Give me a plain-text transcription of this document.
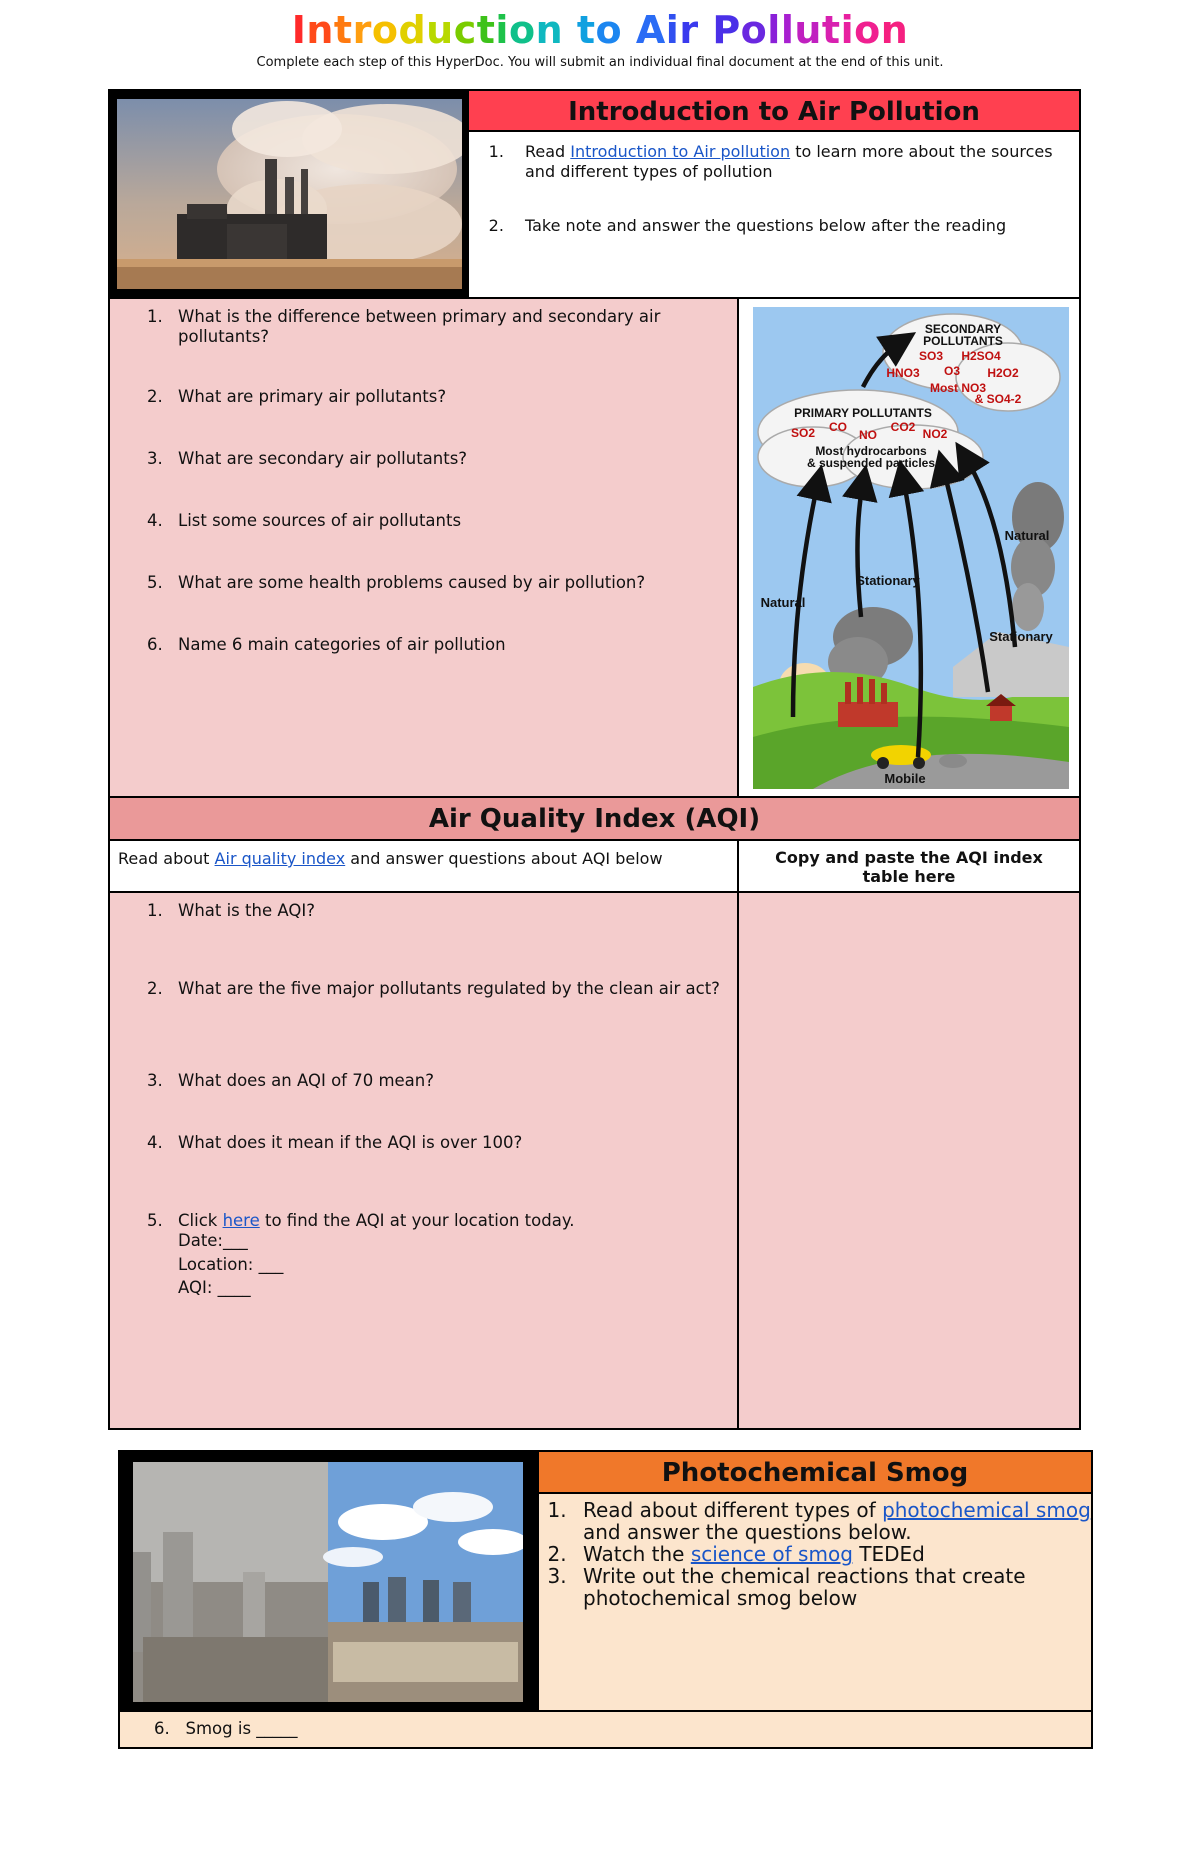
Introduction to Air Pollution
Complete each step of this HyperDoc. You will submit an individual final document at the end of this unit.
Introduction to Air Pollution
1. Read Introduction to Air pollution to learn more about the sources and different types of pollution
2. Take note and answer the questions below after the reading
1. What is the difference between primary and secondary air pollutants?
2. What are primary air pollutants?
3. What are secondary air pollutants?
4. List some sources of air pollutants
5. What are some health problems caused by air pollution?
6. Name 6 main categories of air pollution
SECONDARY
POLLUTANTS
SO3 H2SO4
HNO3 O3 H2O2
Most NO3
& SO4-2
PRIMARY POLLUTANTS
SO2 CO
NO
CO2 NO2
Most hydrocarbons
& suspended particles
Natural
Stationary
Natural
Stationary
Mobile
Air Quality Index (AQI)
Read about Air quality index and answer questions about AQI below	Copy and paste the AQI index table here
1. What is the AQI?
2. What are the five major pollutants regulated by the clean air act?
3. What does an AQI of 70 mean?
4. What does it mean if the AQI is over 100?
5. Click here to find the AQI at your location today.
Date:___
Location: ___
AQI: ____
Photochemical Smog
1. Read about different types of photochemical smog and answer the questions below.
2. Watch the science of smog TEDEd
3. Write out the chemical reactions that create photochemical smog below
6. Smog is _____
